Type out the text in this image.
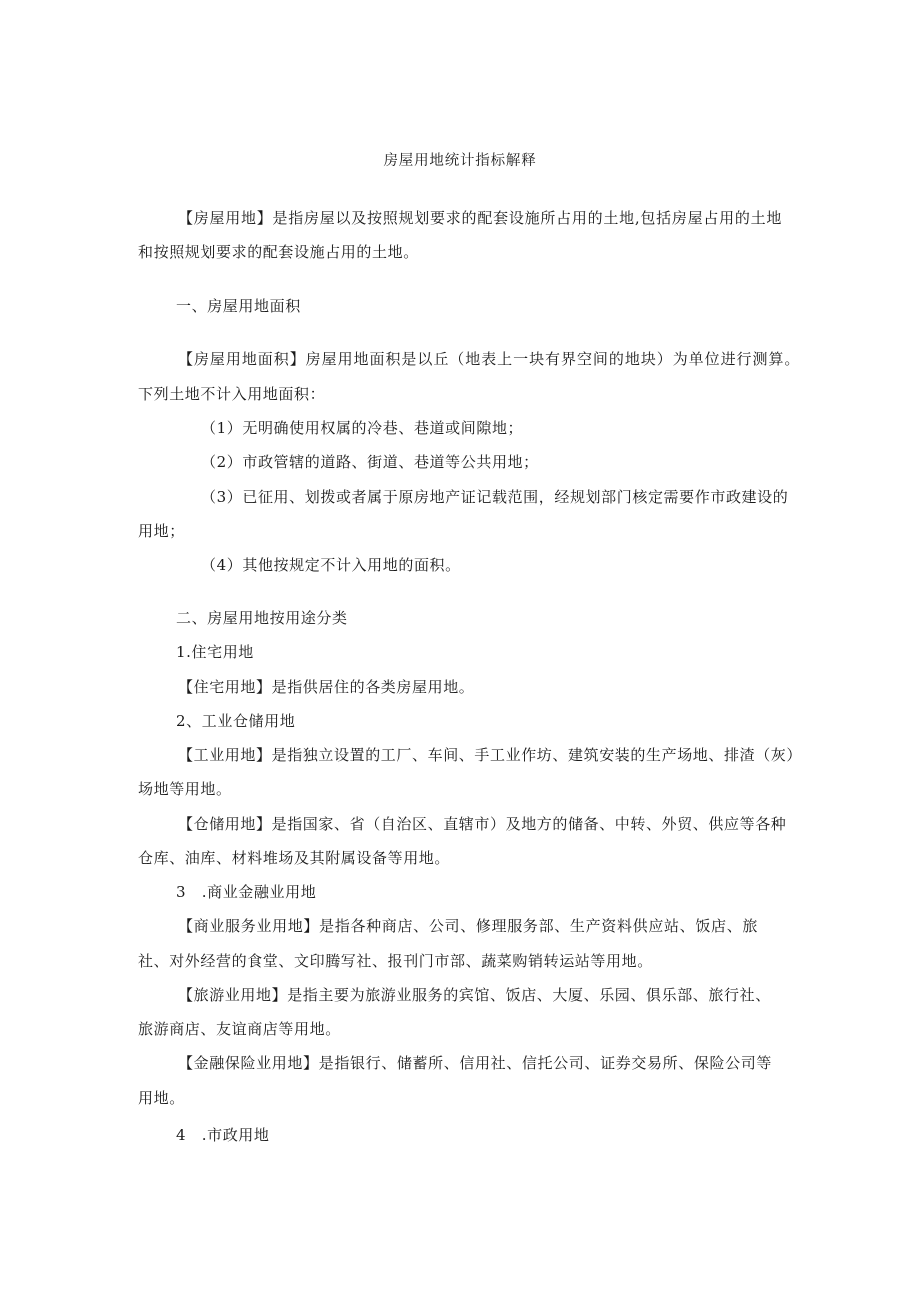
房屋用地统计指标解释
【房屋用地】是指房屋以及按照规划要求的配套设施所占用的土地,包括房屋占用的土地
和按照规划要求的配套设施占用的土地。
一、房屋用地面积
【房屋用地面积】房屋用地面积是以丘（地表上一块有界空间的地块）为单位进行测算。
下列土地不计入用地面积：
（1）无明确使用权属的冷巷、巷道或间隙地；
（2）市政管辖的道路、街道、巷道等公共用地；
（3）已征用、划拨或者属于原房地产证记载范围，经规划部门核定需要作市政建设的
用地；
（4）其他按规定不计入用地的面积。
二、房屋用地按用途分类
1.住宅用地
【住宅用地】是指供居住的各类房屋用地。
2、工业仓储用地
【工业用地】是指独立设置的工厂、车间、手工业作坊、建筑安装的生产场地、排渣（灰）
场地等用地。
【仓储用地】是指国家、省（自治区、直辖市）及地方的储备、中转、外贸、供应等各种
仓库、油库、材料堆场及其附属设备等用地。
3　.商业金融业用地
【商业服务业用地】是指各种商店、公司、修理服务部、生产资料供应站、饭店、旅
社、对外经营的食堂、文印腾写社、报刊门市部、蔬菜购销转运站等用地。
【旅游业用地】是指主要为旅游业服务的宾馆、饭店、大厦、乐园、俱乐部、旅行社、
旅游商店、友谊商店等用地。
【金融保险业用地】是指银行、储蓄所、信用社、信托公司、证券交易所、保险公司等
用地。
4　.市政用地
